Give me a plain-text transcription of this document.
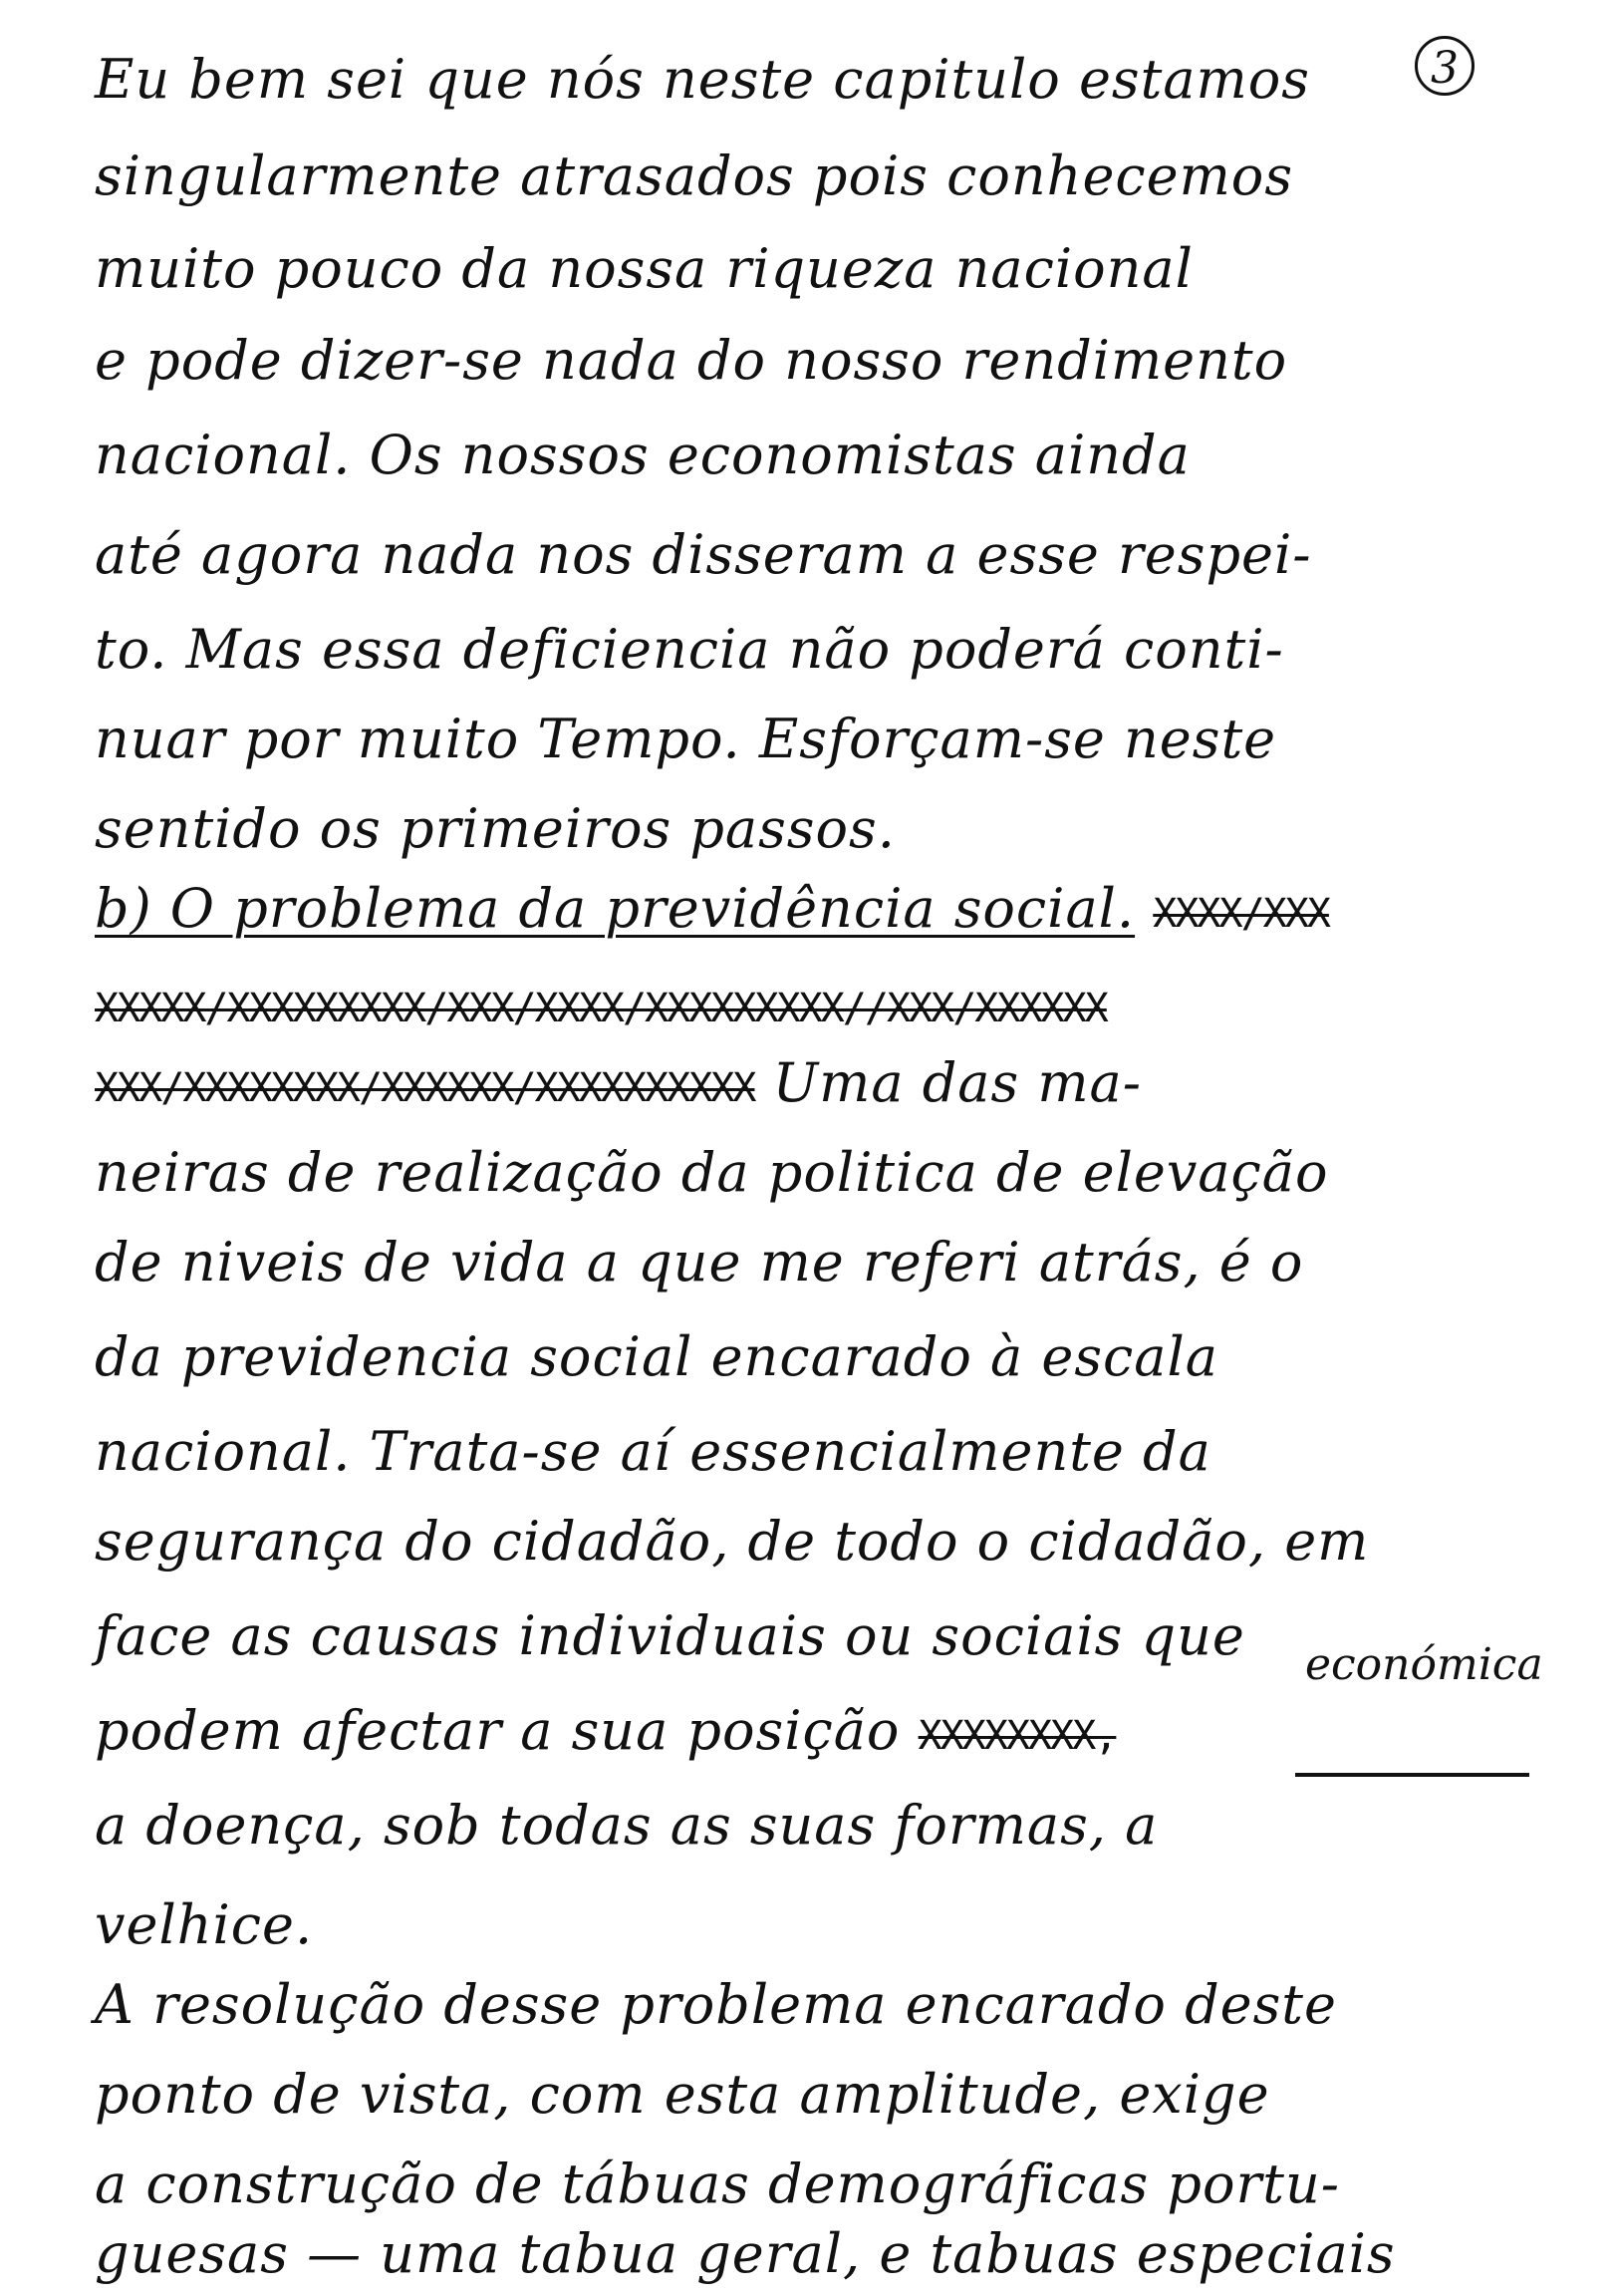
3
Eu bem sei que nós neste capitulo estamos
singularmente atrasados pois conhecemos
muito pouco da nossa riqueza nacional
e pode dizer-se nada do nosso rendimento
nacional. Os nossos economistas ainda
até agora nada nos disseram a esse respei-
to. Mas essa deficiencia não poderá conti-
nuar por muito Tempo. Esforçam-se neste
sentido os primeiros passos.
b) O problema da previdência social. XXXX/XXX
XXXXX/XXXXXXXXX/XXX/XXXX/XXXXXXXXX//XXX/XXXXXX
XXX/XXXXXXXX/XXXXXX/XXXXXXXXXX Uma das ma-
neiras de realização da politica de elevação
de niveis de vida a que me referi atrás, é o
da previdencia social encarado à escala
nacional. Trata-se aí essencialmente da
segurança do cidadão, de todo o cidadão, em
face as causas individuais ou sociais que económica
podem afectar a sua posição XXXXXXXX,
a doença, sob todas as suas formas, a
velhice.
A resolução desse problema encarado deste
ponto de vista, com esta amplitude, exige
a construção de tábuas demográficas portu-
guesas — uma tabua geral, e tabuas especiais
